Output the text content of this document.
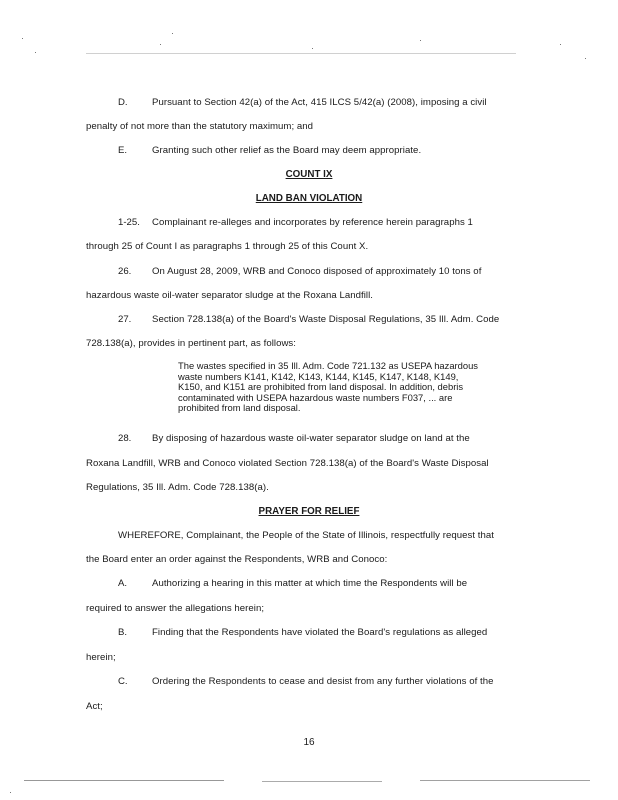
D.	Pursuant to Section 42(a) of the Act, 415 ILCS 5/42(a) (2008), imposing a civil
penalty of not more than the statutory maximum; and
E.	Granting such other relief as the Board may deem appropriate.
COUNT IX
LAND BAN VIOLATION
1-25. Complainant re-alleges and incorporates by reference herein paragraphs 1
through 25 of Count I as paragraphs 1 through 25 of this Count X.
26. On August 28, 2009, WRB and Conoco disposed of approximately 10 tons of
hazardous waste oil-water separator sludge at the Roxana Landfill.
27. Section 728.138(a) of the Board's Waste Disposal Regulations, 35 Ill. Adm. Code
728.138(a), provides in pertinent part, as follows:
The wastes specified in 35 Ill. Adm. Code 721.132 as USEPA hazardous
waste numbers K141, K142, K143, K144, K145, K147, K148, K149,
K150, and K151 are prohibited from land disposal. In addition, debris
contaminated with USEPA hazardous waste numbers F037, ... are
prohibited from land disposal.
28. By disposing of hazardous waste oil-water separator sludge on land at the
Roxana Landfill, WRB and Conoco violated Section 728.138(a) of the Board's Waste Disposal
Regulations, 35 Ill. Adm. Code 728.138(a).
PRAYER FOR RELIEF
WHEREFORE, Complainant, the People of the State of Illinois, respectfully request that
the Board enter an order against the Respondents, WRB and Conoco:
A.	Authorizing a hearing in this matter at which time the Respondents will be
required to answer the allegations herein;
B.	Finding that the Respondents have violated the Board's regulations as alleged
herein;
C.	Ordering the Respondents to cease and desist from any further violations of the
Act;
16
